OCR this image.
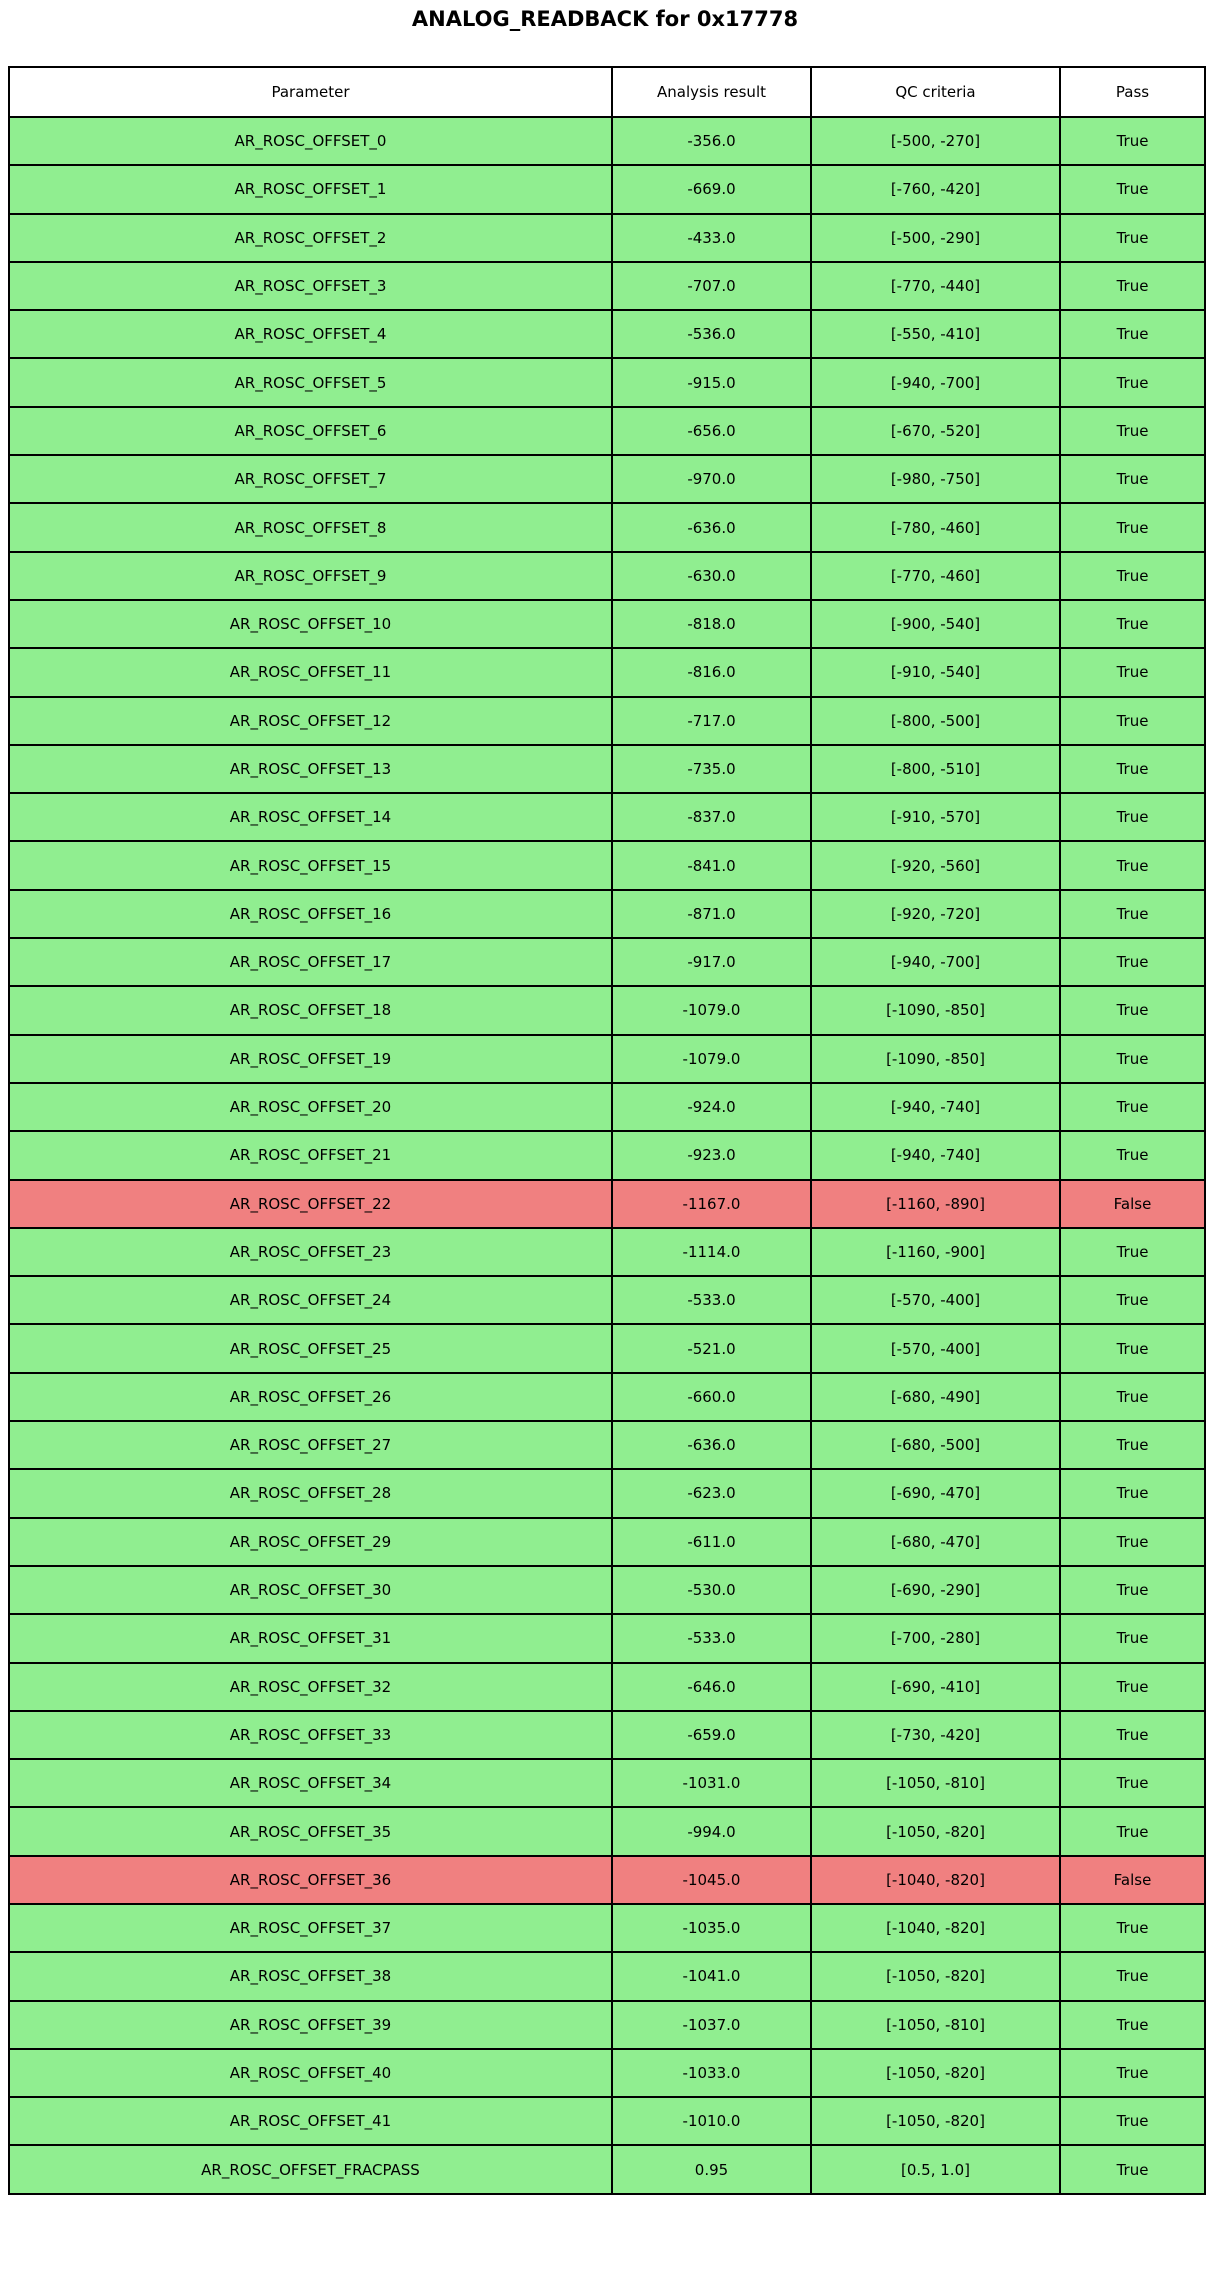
ANALOG_READBACK for 0x17778
Parameter	Analysis result	QC criteria	Pass
AR_ROSC_OFFSET_0	-356.0	[-500, -270]	True
AR_ROSC_OFFSET_1	-669.0	[-760, -420]	True
AR_ROSC_OFFSET_2	-433.0	[-500, -290]	True
AR_ROSC_OFFSET_3	-707.0	[-770, -440]	True
AR_ROSC_OFFSET_4	-536.0	[-550, -410]	True
AR_ROSC_OFFSET_5	-915.0	[-940, -700]	True
AR_ROSC_OFFSET_6	-656.0	[-670, -520]	True
AR_ROSC_OFFSET_7	-970.0	[-980, -750]	True
AR_ROSC_OFFSET_8	-636.0	[-780, -460]	True
AR_ROSC_OFFSET_9	-630.0	[-770, -460]	True
AR_ROSC_OFFSET_10	-818.0	[-900, -540]	True
AR_ROSC_OFFSET_11	-816.0	[-910, -540]	True
AR_ROSC_OFFSET_12	-717.0	[-800, -500]	True
AR_ROSC_OFFSET_13	-735.0	[-800, -510]	True
AR_ROSC_OFFSET_14	-837.0	[-910, -570]	True
AR_ROSC_OFFSET_15	-841.0	[-920, -560]	True
AR_ROSC_OFFSET_16	-871.0	[-920, -720]	True
AR_ROSC_OFFSET_17	-917.0	[-940, -700]	True
AR_ROSC_OFFSET_18	-1079.0	[-1090, -850]	True
AR_ROSC_OFFSET_19	-1079.0	[-1090, -850]	True
AR_ROSC_OFFSET_20	-924.0	[-940, -740]	True
AR_ROSC_OFFSET_21	-923.0	[-940, -740]	True
AR_ROSC_OFFSET_22	-1167.0	[-1160, -890]	False
AR_ROSC_OFFSET_23	-1114.0	[-1160, -900]	True
AR_ROSC_OFFSET_24	-533.0	[-570, -400]	True
AR_ROSC_OFFSET_25	-521.0	[-570, -400]	True
AR_ROSC_OFFSET_26	-660.0	[-680, -490]	True
AR_ROSC_OFFSET_27	-636.0	[-680, -500]	True
AR_ROSC_OFFSET_28	-623.0	[-690, -470]	True
AR_ROSC_OFFSET_29	-611.0	[-680, -470]	True
AR_ROSC_OFFSET_30	-530.0	[-690, -290]	True
AR_ROSC_OFFSET_31	-533.0	[-700, -280]	True
AR_ROSC_OFFSET_32	-646.0	[-690, -410]	True
AR_ROSC_OFFSET_33	-659.0	[-730, -420]	True
AR_ROSC_OFFSET_34	-1031.0	[-1050, -810]	True
AR_ROSC_OFFSET_35	-994.0	[-1050, -820]	True
AR_ROSC_OFFSET_36	-1045.0	[-1040, -820]	False
AR_ROSC_OFFSET_37	-1035.0	[-1040, -820]	True
AR_ROSC_OFFSET_38	-1041.0	[-1050, -820]	True
AR_ROSC_OFFSET_39	-1037.0	[-1050, -810]	True
AR_ROSC_OFFSET_40	-1033.0	[-1050, -820]	True
AR_ROSC_OFFSET_41	-1010.0	[-1050, -820]	True
AR_ROSC_OFFSET_FRACPASS	0.95	[0.5, 1.0]	True
